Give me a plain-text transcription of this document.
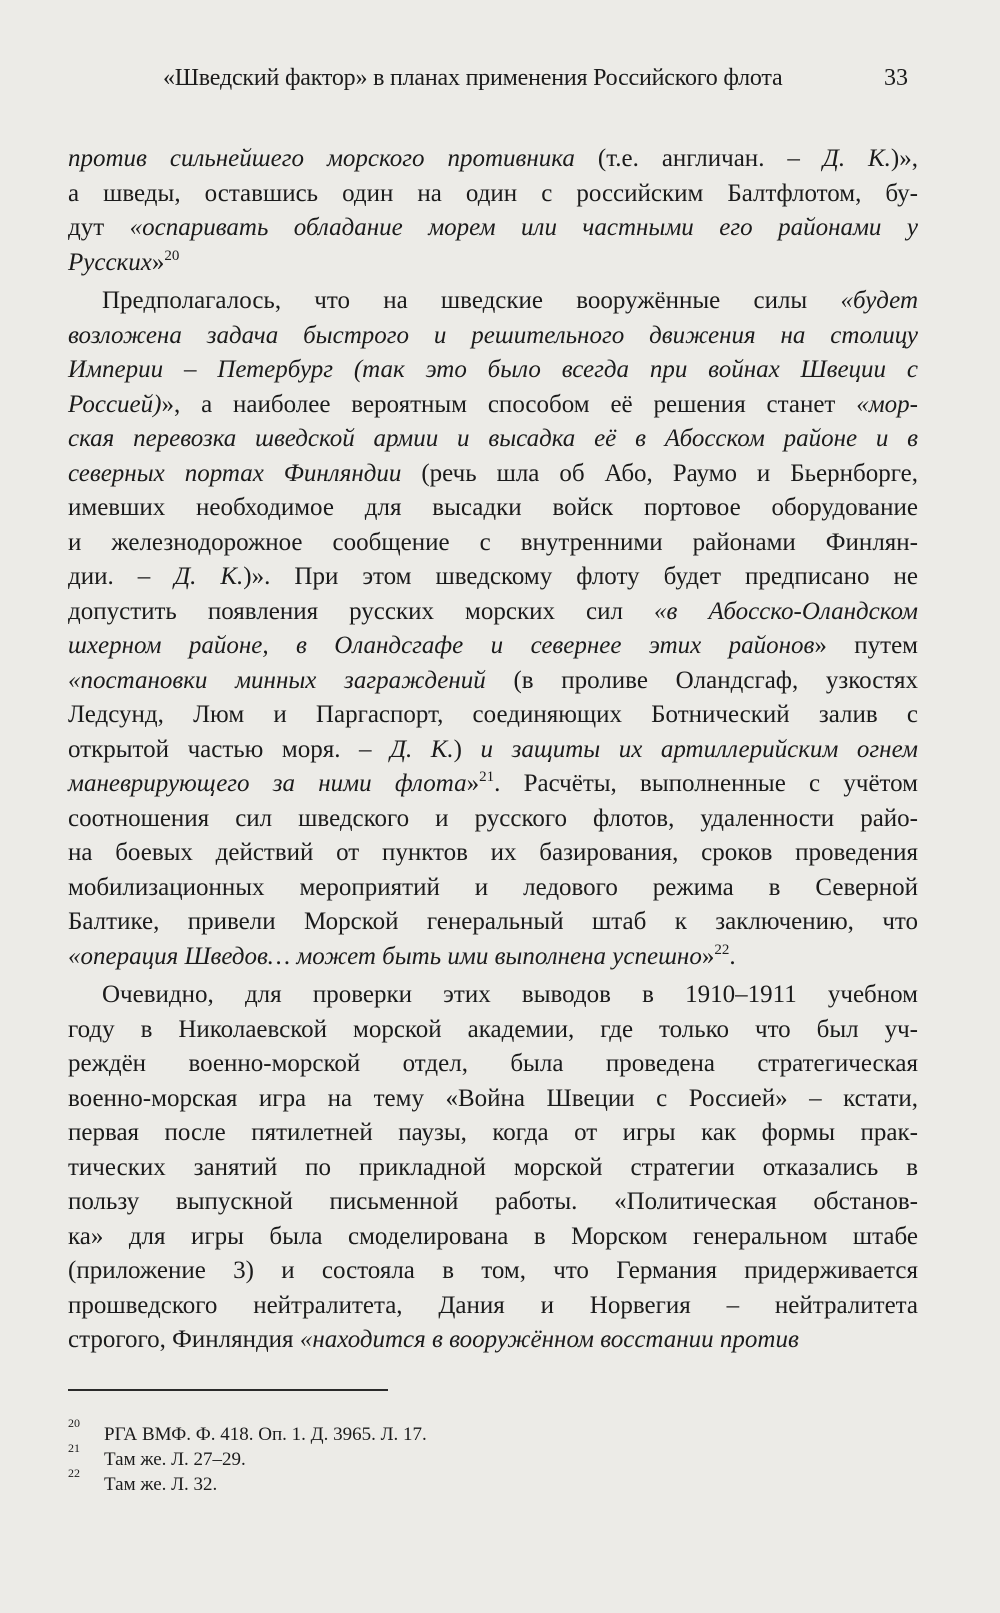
«Шведский фактор» в планах применения Российского флота	33
против сильнейшего морского противника (т.е. англичан. – Д. К.)»,
а шведы, оставшись один на один с российским Балтфлотом, бу-
дут «оспаривать обладание морем или частными его районами у
Русских»$^{20}$
Предполагалось, что на шведские вооружённые силы «будет
возложена задача быстрого и решительного движения на столицу
Империи – Петербург (так это было всегда при войнах Швеции с
Россией)», а наиболее вероятным способом её решения станет «мор-
ская перевозка шведской армии и высадка её в Абосском районе и в
северных портах Финляндии (речь шла об Або, Раумо и Бьернборге,
имевших необходимое для высадки войск портовое оборудование
и железнодорожное сообщение с внутренними районами Финлян-
дии. – Д. К.)». При этом шведскому флоту будет предписано не
допустить появления русских морских сил «в Абосско-Оландском
шхерном районе, в Оландсгафе и севернее этих районов» путем
«постановки минных заграждений (в проливе Оландсгаф, узкостях
Ледсунд, Люм и Паргаспорт, соединяющих Ботнический залив с
открытой частью моря. – Д. К.) и защиты их артиллерийским огнем
маневрирующего за ними флота»$^{21}$. Расчёты, выполненные с учётом
соотношения сил шведского и русского флотов, удаленности райо-
на боевых действий от пунктов их базирования, сроков проведения
мобилизационных мероприятий и ледового режима в Северной
Балтике, привели Морской генеральный штаб к заключению, что
«операция Шведов… может быть ими выполнена успешно»$^{22}$.
Очевидно, для проверки этих выводов в 1910–1911 учебном
году в Николаевской морской академии, где только что был уч-
реждён военно-морской отдел, была проведена стратегическая
военно-морская игра на тему «Война Швеции с Россией» – кстати,
первая после пятилетней паузы, когда от игры как формы прак-
тических занятий по прикладной морской стратегии отказались в
пользу выпускной письменной работы. «Политическая обстанов-
ка» для игры была смоделирована в Морском генеральном штабе
(приложение 3) и состояла в том, что Германия придерживается
прошведского нейтралитета, Дания и Норвегия – нейтралитета
строгого, Финляндия «находится в вооружённом восстании против
20
РГА ВМФ. Ф. 418. Оп. 1. Д. 3965. Л. 17.
21
Там же. Л. 27–29.
22
Там же. Л. 32.
